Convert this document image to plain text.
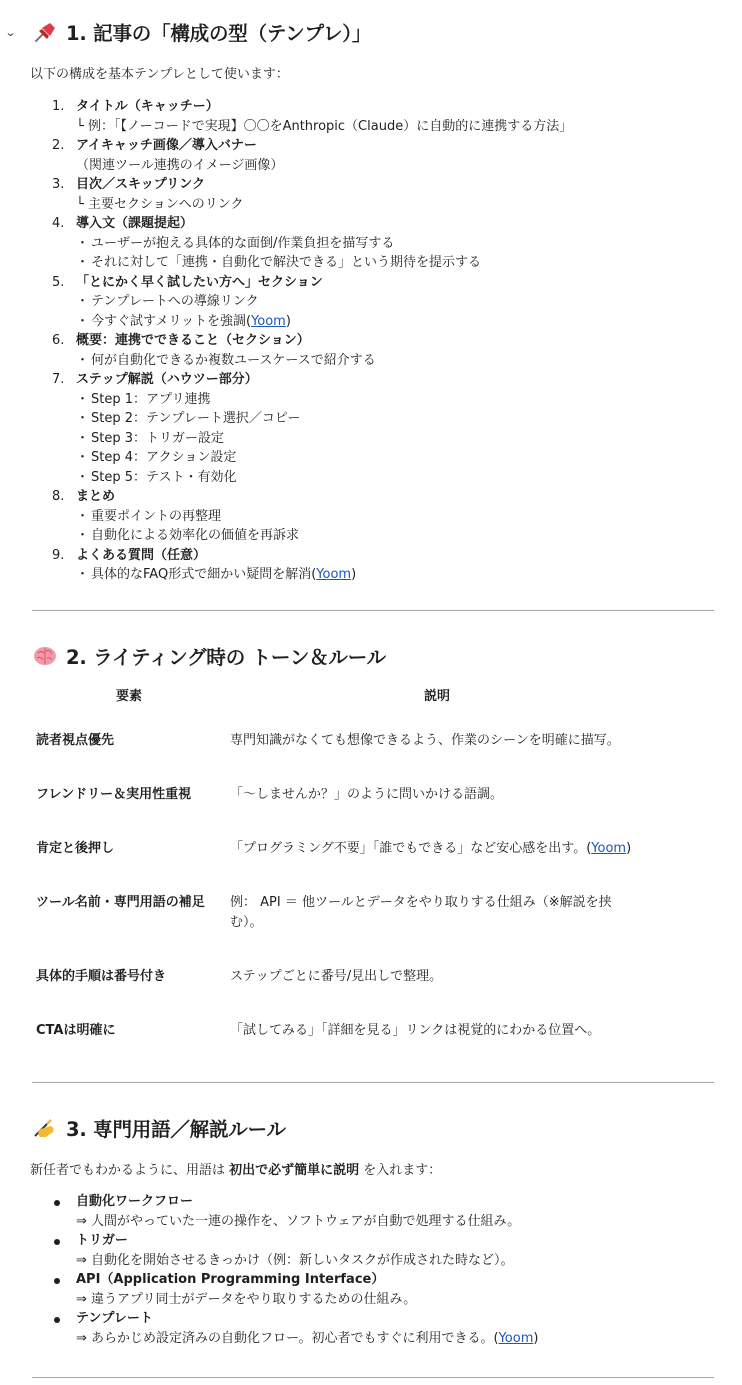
⌄	1. 記事の「構成の型（テンプレ）」
以下の構成を基本テンプレとして使います：
1. タイトル（キャッチー）
└ 例：「【ノーコードで実現】〇〇をAnthropic（Claude）に自動的に連携する方法」
2. アイキャッチ画像／導入バナー
（関連ツール連携のイメージ画像）
3. 目次／スキップリンク
└ 主要セクションへのリンク
4. 導入文（課題提起）
・ ユーザーが抱える具体的な面倒/作業負担を描写する
・ それに対して「連携・自動化で解決できる」という期待を提示する
5. 「とにかく早く試したい方へ」セクション
・ テンプレートへの導線リンク
・ 今すぐ試すメリットを強調(Yoom)
6. 概要：連携でできること（セクション）
・ 何が自動化できるか複数ユースケースで紹介する
7. ステップ解説（ハウツー部分）
・ Step 1：アプリ連携
・ Step 2：テンプレート選択／コピー
・ Step 3：トリガー設定
・ Step 4：アクション設定
・ Step 5：テスト・有効化
8. まとめ
・ 重要ポイントの再整理
・ 自動化による効率化の価値を再訴求
9. よくある質問（任意）
・ 具体的なFAQ形式で細かい疑問を解消(Yoom)
2. ライティング時の トーン＆ルール
要素	説明
読者視点優先	専門知識がなくても想像できるよう、作業のシーンを明確に描写。
フレンドリー＆実用性重視	「〜しませんか？」のように問いかける語調。
肯定と後押し	「プログラミング不要」「誰でもできる」など安心感を出す。(Yoom)
ツール名前・専門用語の補足	例： API ＝ 他ツールとデータをやり取りする仕組み（※解説を挟む）。
具体的手順は番号付き	ステップごとに番号/見出しで整理。
CTAは明確に	「試してみる」「詳細を見る」リンクは視覚的にわかる位置へ。
3. 専門用語／解説ルール
新任者でもわかるように、用語は 初出で必ず簡単に説明 を入れます：
自動化ワークフロー
⇒ 人間がやっていた一連の操作を、ソフトウェアが自動で処理する仕組み。
トリガー
⇒ 自動化を開始させるきっかけ（例：新しいタスクが作成された時など）。
API（Application Programming Interface）
⇒ 違うアプリ同士がデータをやり取りするための仕組み。
テンプレート
⇒ あらかじめ設定済みの自動化フロー。初心者でもすぐに利用できる。(Yoom)
